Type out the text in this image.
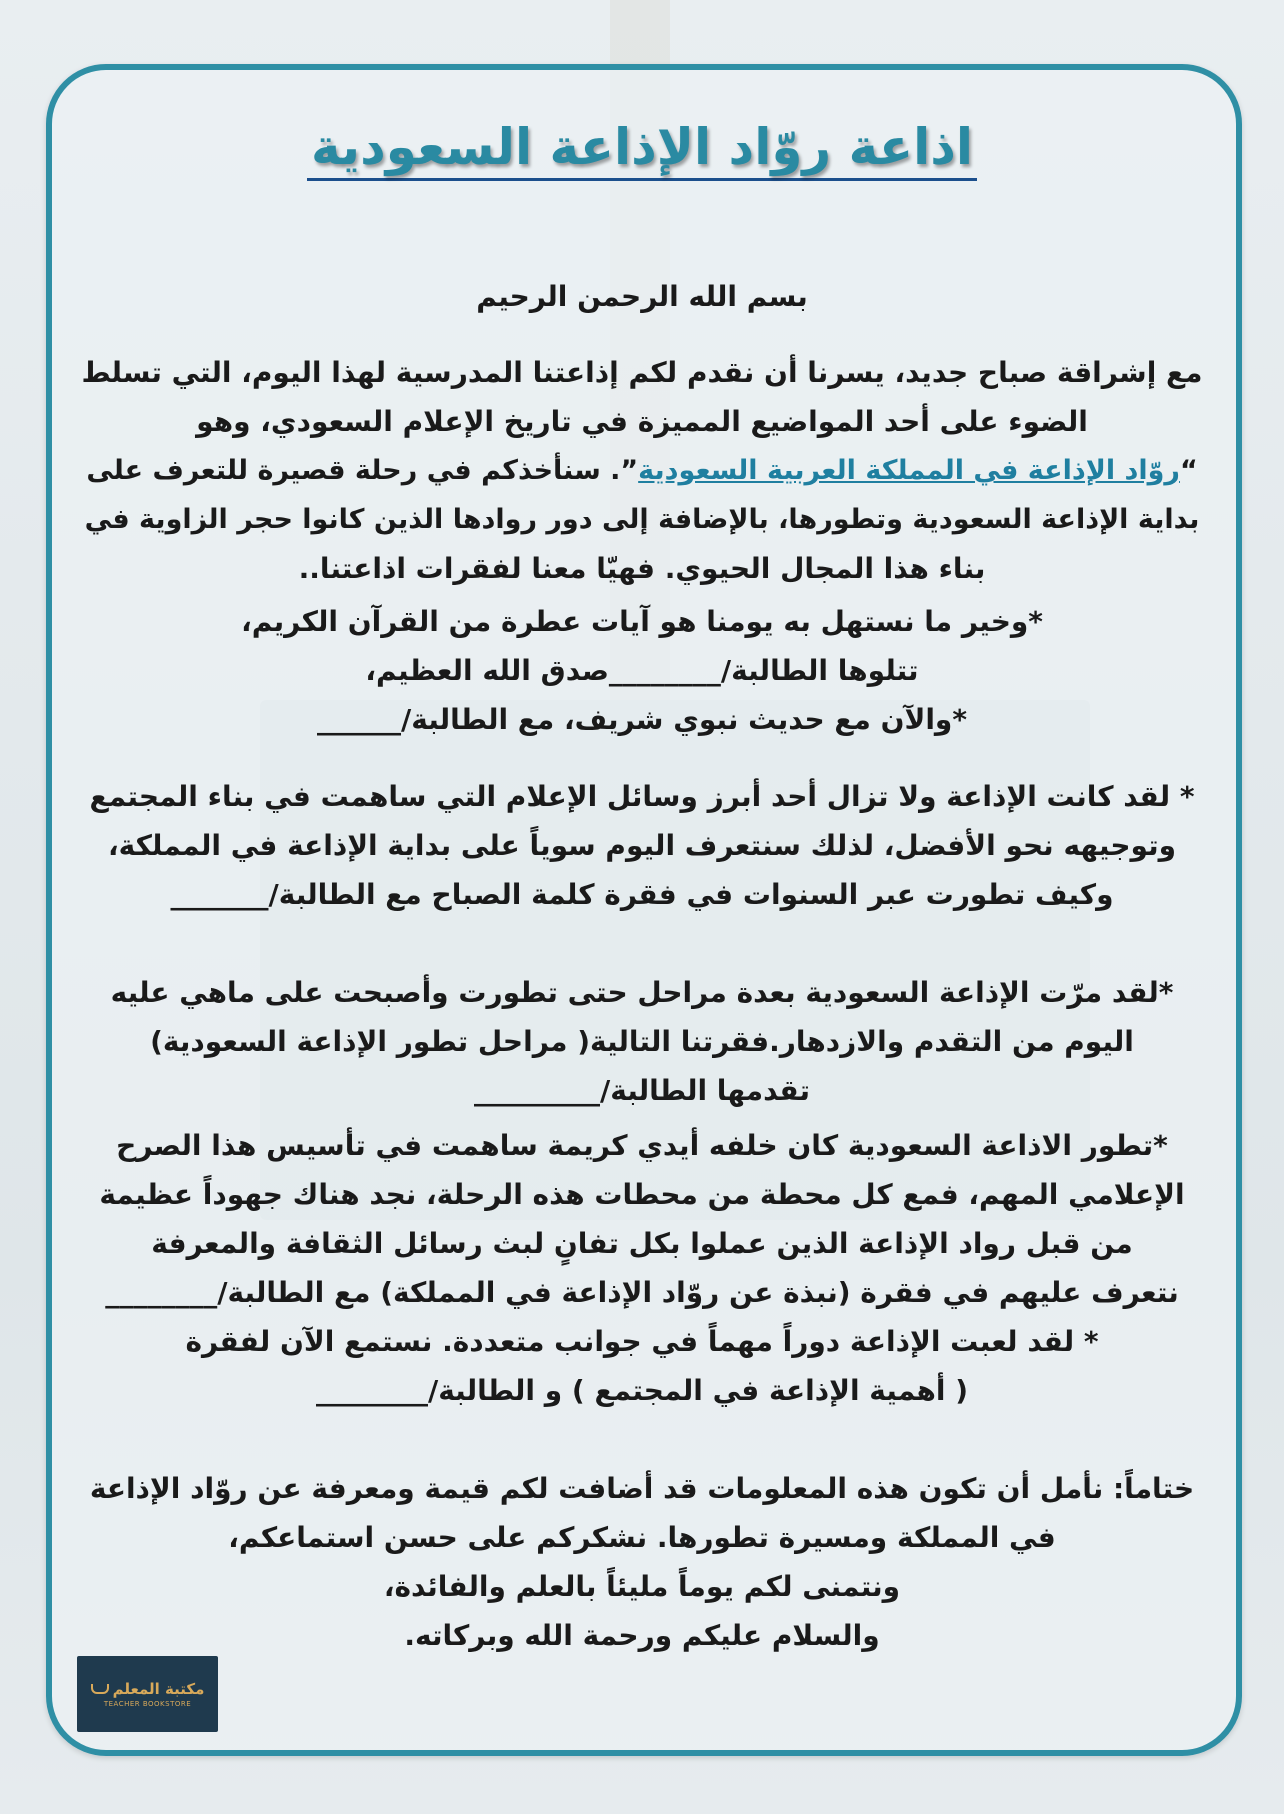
اذاعة روّاد الإذاعة السعودية
بسم الله الرحمن الرحيم
مع إشراقة صباح جديد، يسرنا أن نقدم لكم إذاعتنا المدرسية لهذا اليوم، التي تسلط
الضوء على أحد المواضيع المميزة في تاريخ الإعلام السعودي، وهو
“روّاد الإذاعة في المملكة العربية السعودية”. سنأخذكم في رحلة قصيرة للتعرف على
بداية الإذاعة السعودية وتطورها، بالإضافة إلى دور روادها الذين كانوا حجر الزاوية في
بناء هذا المجال الحيوي. فهيّا معنا لفقرات اذاعتنا..
*وخير ما نستهل به يومنا هو آيات عطرة من القرآن الكريم،
تتلوها الطالبة/________صدق الله العظيم،
*والآن مع حديث نبوي شريف، مع الطالبة/______
* لقد كانت الإذاعة ولا تزال أحد أبرز وسائل الإعلام التي ساهمت في بناء المجتمع
وتوجيهه نحو الأفضل، لذلك سنتعرف اليوم سوياً على بداية الإذاعة في المملكة،
وكيف تطورت عبر السنوات في فقرة كلمة الصباح مع الطالبة/_______
*لقد مرّت الإذاعة السعودية بعدة مراحل حتى تطورت وأصبحت على ماهي عليه
اليوم من التقدم والازدهار.فقرتنا التالية( مراحل تطور الإذاعة السعودية)
تقدمها الطالبة/_________
*تطور الاذاعة السعودية كان خلفه أيدي كريمة ساهمت في تأسيس هذا الصرح
الإعلامي المهم، فمع كل محطة من محطات هذه الرحلة، نجد هناك جهوداً عظيمة
من قبل رواد الإذاعة الذين عملوا بكل تفانٍ لبث رسائل الثقافة والمعرفة
نتعرف عليهم في فقرة (نبذة عن روّاد الإذاعة في المملكة) مع الطالبة/________
* لقد لعبت الإذاعة دوراً مهماً في جوانب متعددة. نستمع الآن لفقرة
( أهمية الإذاعة في المجتمع ) و الطالبة/________
ختاماً: نأمل أن تكون هذه المعلومات قد أضافت لكم قيمة ومعرفة عن روّاد الإذاعة
في المملكة ومسيرة تطورها. نشكركم على حسن استماعكم،
ونتمنى لكم يوماً مليئاً بالعلم والفائدة،
والسلام عليكم ورحمة الله وبركاته.
مكتبة المعلم
TEACHER BOOKSTORE
